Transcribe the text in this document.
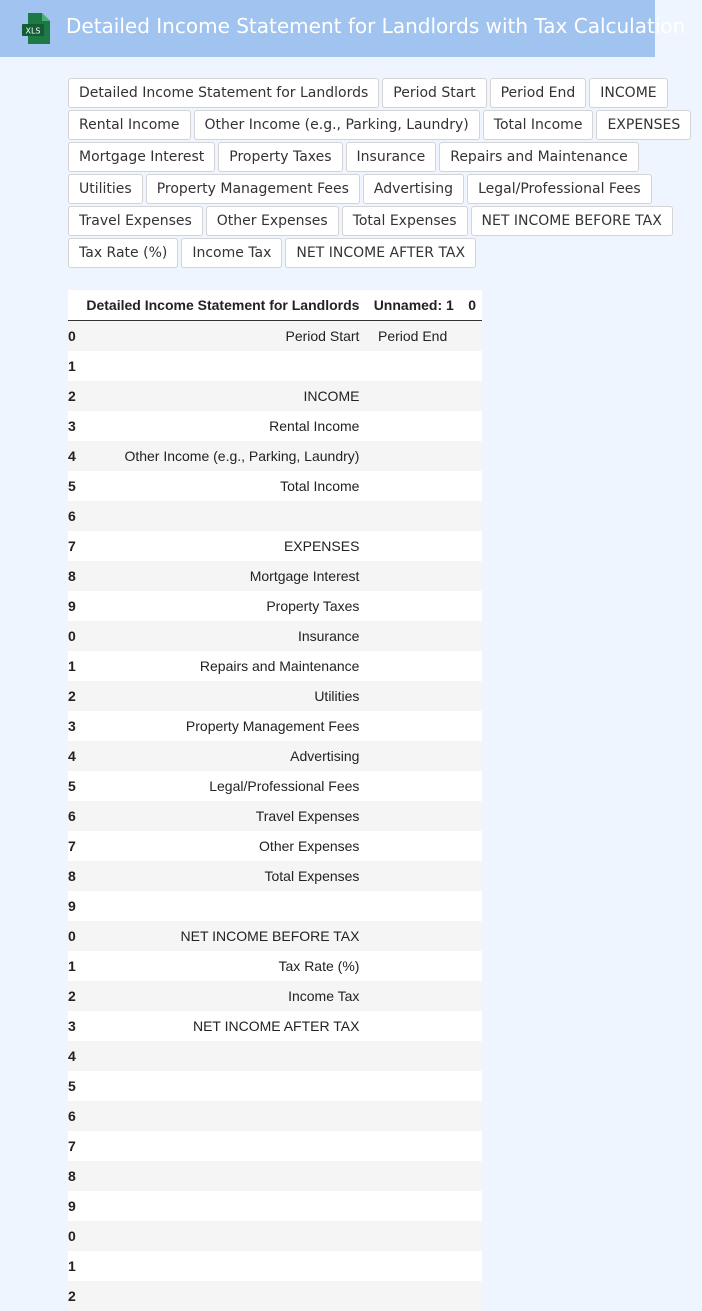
XLS Detailed Income Statement for Landlords with Tax Calculation
Detailed Income Statement for Landlords	Period Start	Period End	INCOME
Rental Income	Other Income (e.g., Parking, Laundry)	Total Income	EXPENSES
Mortgage Interest	Property Taxes	Insurance	Repairs and Maintenance
Utilities	Property Management Fees	Advertising	Legal/Professional Fees
Travel Expenses	Other Expenses	Total Expenses	NET INCOME BEFORE TAX
Tax Rate (%)	Income Tax	NET INCOME AFTER TAX
	Detailed Income Statement for Landlords	Unnamed: 1	0
0	Period Start	Period End	
1			
2	INCOME		
3	Rental Income		
4	Other Income (e.g., Parking, Laundry)		
5	Total Income		
6			
7	EXPENSES		
8	Mortgage Interest		
9	Property Taxes		
0	Insurance		
1	Repairs and Maintenance		
2	Utilities		
3	Property Management Fees		
4	Advertising		
5	Legal/Professional Fees		
6	Travel Expenses		
7	Other Expenses		
8	Total Expenses		
9			
0	NET INCOME BEFORE TAX		
1	Tax Rate (%)		
2	Income Tax		
3	NET INCOME AFTER TAX		
4			
5			
6			
7			
8			
9			
0			
1			
2			
